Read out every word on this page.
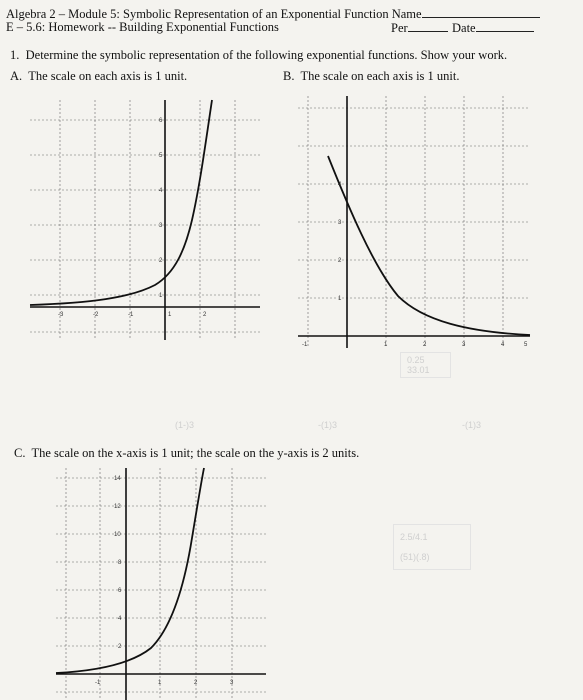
Algebra 2 – Module 5: Symbolic Representation of an Exponential Function Name
E – 5.6: Homework -- Building Exponential Functions	Per	Date
1. Determine the symbolic representation of the following exponential functions. Show your work.
A. The scale on each axis is 1 unit.	B. The scale on each axis is 1 unit.
-3	-2	-1	1	2
1
2
3
4
5
6
-1	1	2	3	4	5
1
2
3
4
0.25
33.01
(1-)3	-(1)3	-(1)3
C. The scale on the x-axis is 1 unit; the scale on the y-axis is 2 units.
-1	1	2	3
2
4
6
8
10
12
14
2.5/4.1
(51)(.8)
